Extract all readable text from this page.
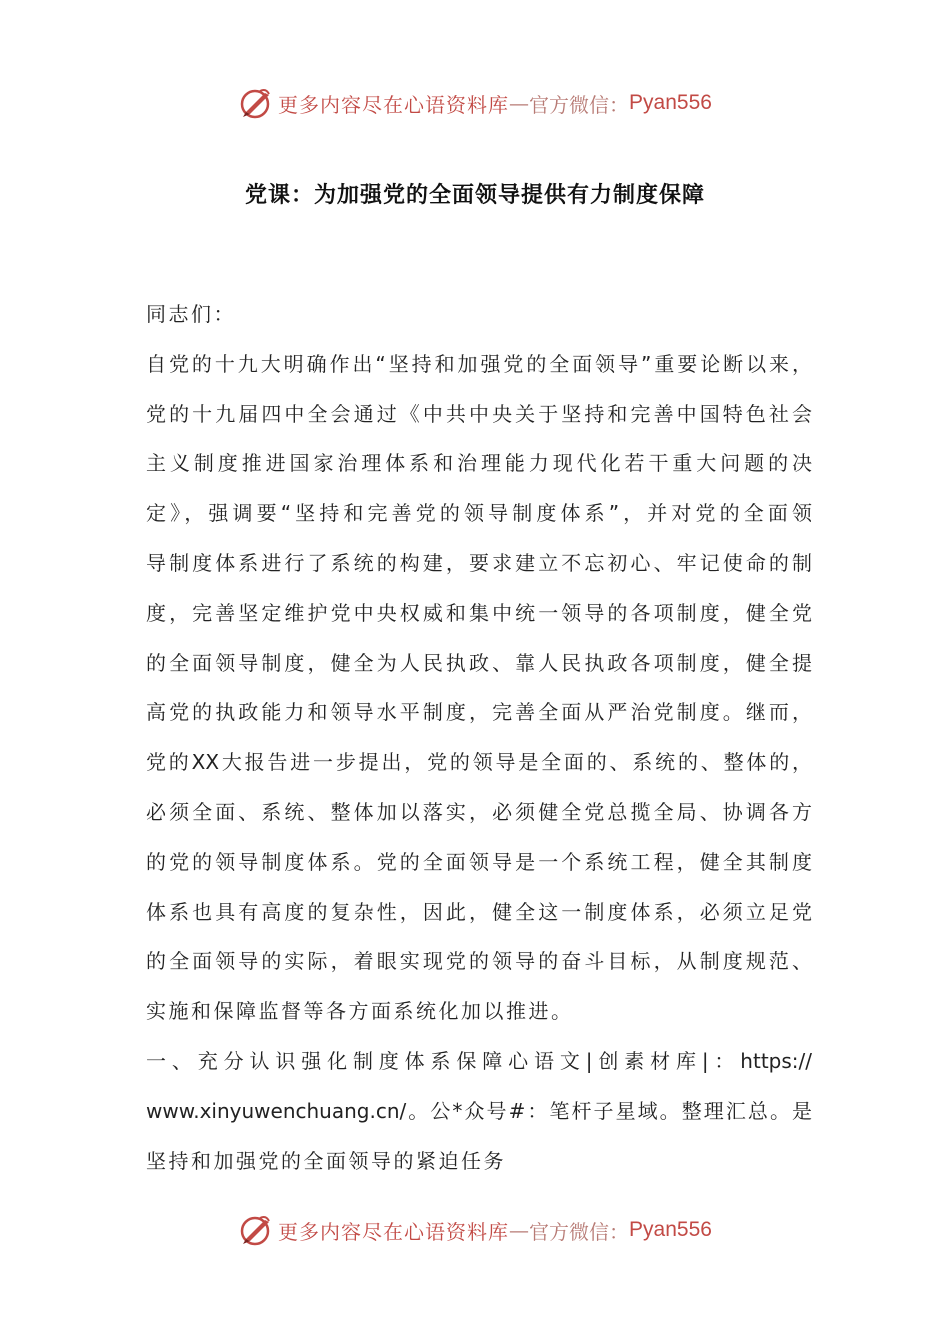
更多内容尽在心语资料库 — 官方微信： Pyan556
党课：为加强党的全面领导提供有力制度保障
同志们：
自党的十九大明确作出“坚持和加强党的全面领导”重要论断以来，
党的十九届四中全会通过《中共中央关于坚持和完善中国特色社会
主义制度推进国家治理体系和治理能力现代化若干重大问题的决
定》，强调要“坚持和完善党的领导制度体系”，并对党的全面领
导制度体系进行了系统的构建，要求建立不忘初心、牢记使命的制
度，完善坚定维护党中央权威和集中统一领导的各项制度，健全党
的全面领导制度，健全为人民执政、靠人民执政各项制度，健全提
高党的执政能力和领导水平制度，完善全面从严治党制度。继而，
党的XX大报告进一步提出，党的领导是全面的、系统的、整体的，
必须全面、系统、整体加以落实，必须健全党总揽全局、协调各方
的党的领导制度体系。党的全面领导是一个系统工程，健全其制度
体系也具有高度的复杂性，因此，健全这一制度体系，必须立足党
的全面领导的实际，着眼实现党的领导的奋斗目标，从制度规范、
实施和保障监督等各方面系统化加以推进。
一、充分认识强化制度体系保障心语文|创素材库|：https://
www.xinyuwenchuang.cn/。公*众号#：笔杆子星域。整理汇总。是
坚持和加强党的全面领导的紧迫任务
更多内容尽在心语资料库 — 官方微信： Pyan556
